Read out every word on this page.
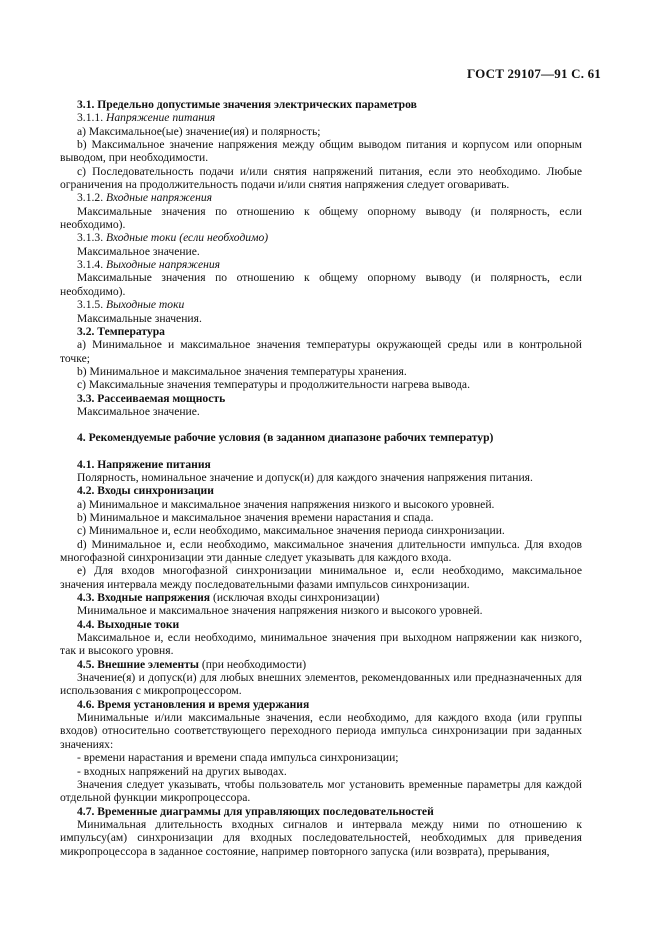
ГОСТ 29107—91 С. 61

3.1. Предельно допустимые значения электрических параметров

3.1.1. Напряжение питания

a) Максимальное(ые) значение(ия) и полярность;

b) Максимальное значение напряжения между общим выводом питания и корпусом или опорным выводом, при необходимости.

c) Последовательность подачи и/или снятия напряжений питания, если это необходимо. Любые ограничения на продолжительность подачи и/или снятия напряжения следует оговаривать.

3.1.2. Входные напряжения

Максимальные значения по отношению к общему опорному выводу (и полярность, если необходимо).

3.1.3. Входные токи (если необходимо)

Максимальное значение.

3.1.4. Выходные напряжения

Максимальные значения по отношению к общему опорному выводу (и полярность, если необходимо).

3.1.5. Выходные токи

Максимальные значения.

3.2. Температура

a) Минимальное и максимальное значения температуры окружающей среды или в контрольной точке;

b) Минимальное и максимальное значения температуры хранения.

c) Максимальные значения температуры и продолжительности нагрева вывода.

3.3. Рассеиваемая мощность

Максимальное значение.

4. Рекомендуемые рабочие условия (в заданном диапазоне рабочих температур)

4.1. Напряжение питания

Полярность, номинальное значение и допуск(и) для каждого значения напряжения питания.

4.2. Входы синхронизации

a) Минимальное и максимальное значения напряжения низкого и высокого уровней.

b) Минимальное и максимальное значения времени нарастания и спада.

c) Минимальное и, если необходимо, максимальное значения периода синхронизации.

d) Минимальное и, если необходимо, максимальное значения длительности импульса. Для входов многофазной синхронизации эти данные следует указывать для каждого входа.

e) Для входов многофазной синхронизации минимальное и, если необходимо, максимальное значения интервала между последовательными фазами импульсов синхронизации.

4.3. Входные напряжения (исключая входы синхронизации)

Минимальное и максимальное значения напряжения низкого и высокого уровней.

4.4. Выходные токи

Максимальное и, если необходимо, минимальное значения при выходном напряжении как низкого, так и высокого уровня.

4.5. Внешние элементы (при необходимости)

Значение(я) и допуск(и) для любых внешних элементов, рекомендованных или предназначенных для использования с микропроцессором.

4.6. Время установления и время удержания

Минимальные и/или максимальные значения, если необходимо, для каждого входа (или группы входов) относительно соответствующего переходного периода импульса синхронизации при заданных значениях:

- времени нарастания и времени спада импульса синхронизации;

- входных напряжений на других выводах.

Значения следует указывать, чтобы пользователь мог установить временные параметры для каждой отдельной функции микропроцессора.

4.7. Временные диаграммы для управляющих последовательностей

Минимальная длительность входных сигналов и интервала между ними по отношению к импульсу(ам) синхронизации для входных последовательностей, необходимых для приведения микропроцессора в заданное состояние, например повторного запуска (или возврата), прерывания,
